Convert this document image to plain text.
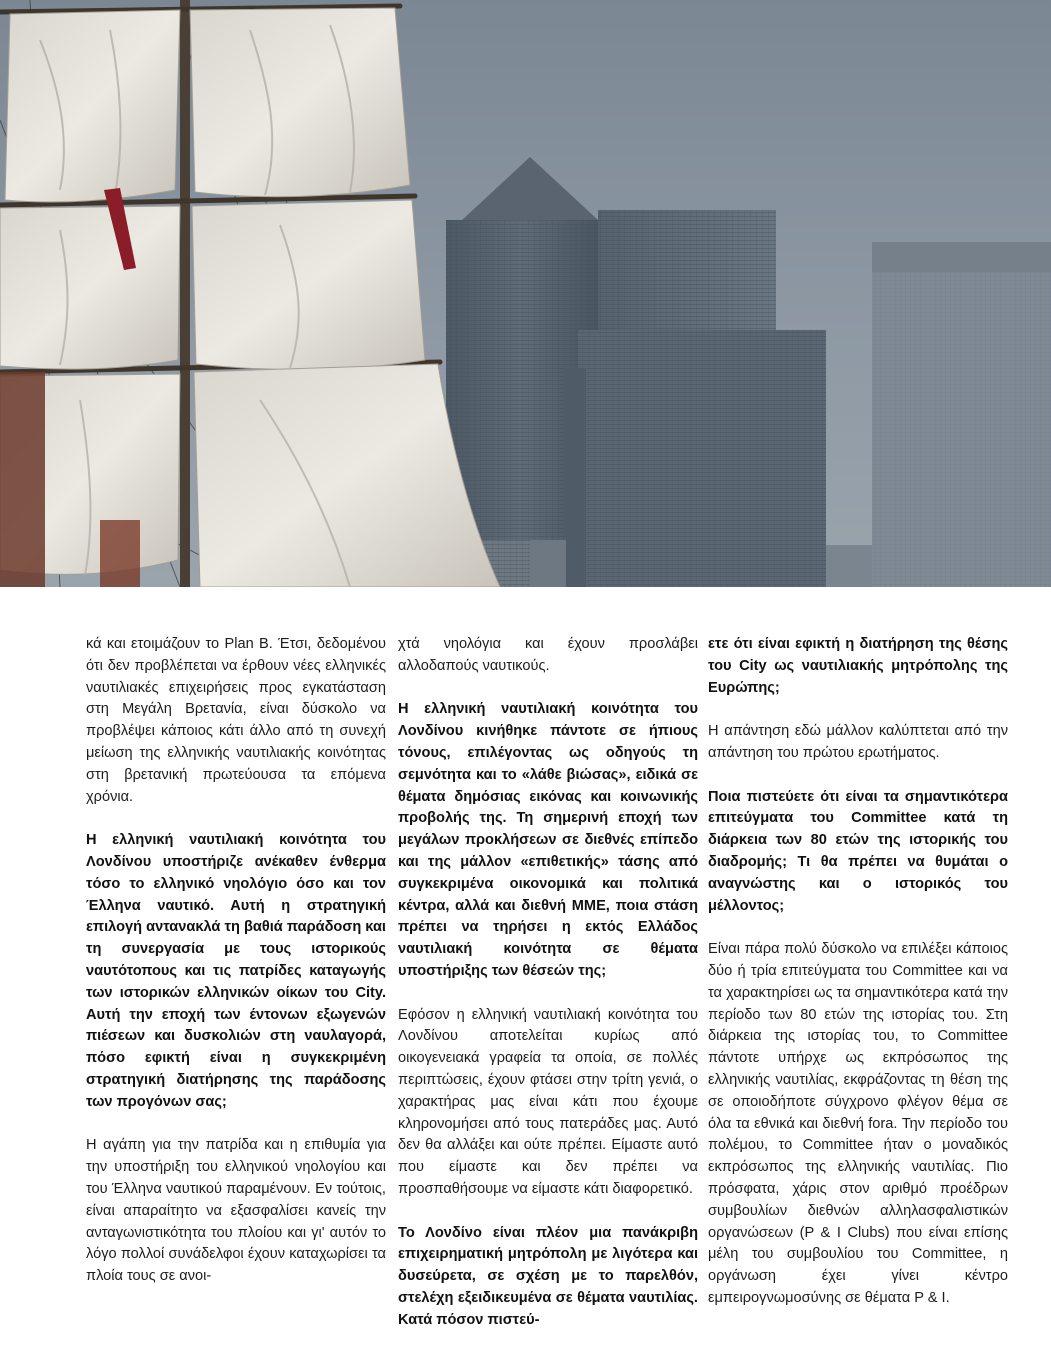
κά και ετοιμάζουν το Plan B. Έτσι, δεδομένου ότι δεν προβλέπεται να έρθουν νέες ελληνικές ναυτιλιακές επιχειρήσεις προς εγκατάσταση στη Μεγάλη Βρετανία, είναι δύσκολο να προβλέψει κάποιος κάτι άλλο από τη συνεχή μείωση της ελληνικής ναυτιλιακής κοινότητας στη βρετανική πρωτεύουσα τα επόμενα χρόνια.

Η ελληνική ναυτιλιακή κοινότητα του Λονδίνου υποστήριζε ανέκαθεν ένθερμα τόσο το ελληνικό νηολόγιο όσο και τον Έλληνα ναυτικό. Αυτή η στρατηγική επιλογή αντανακλά τη βαθιά παράδοση και τη συνεργασία με τους ιστορικούς ναυτότοπους και τις πατρίδες καταγωγής των ιστορικών ελληνικών οίκων του City. Αυτή την εποχή των έντονων εξωγενών πιέσεων και δυσκολιών στη ναυλαγορά, πόσο εφικτή είναι η συγκεκριμένη στρατηγική διατήρησης της παράδοσης των προγόνων σας;

Η αγάπη για την πατρίδα και η επιθυμία για την υποστήριξη του ελληνικού νηολογίου και του Έλληνα ναυτικού παραμένουν. Εν τούτοις, είναι απαραίτητο να εξασφαλίσει κανείς την ανταγωνιστικότητα του πλοίου και γι' αυτόν το λόγο πολλοί συνάδελφοι έχουν καταχωρίσει τα πλοία τους σε ανοι-

χτά νηολόγια και έχουν προσλάβει αλλοδαπούς ναυτικούς.

Η ελληνική ναυτιλιακή κοινότητα του Λονδίνου κινήθηκε πάντοτε σε ήπιους τόνους, επιλέγοντας ως οδηγούς τη σεμνότητα και το «λάθε βιώσας», ειδικά σε θέματα δημόσιας εικόνας και κοινωνικής προβολής της. Τη σημερινή εποχή των μεγάλων προκλήσεων σε διεθνές επίπεδο και της μάλλον «επιθετικής» τάσης από συγκεκριμένα οικονομικά και πολιτικά κέντρα, αλλά και διεθνή ΜΜΕ, ποια στάση πρέπει να τηρήσει η εκτός Ελλάδος ναυτιλιακή κοινότητα σε θέματα υποστήριξης των θέσεών της;

Εφόσον η ελληνική ναυτιλιακή κοινότητα του Λονδίνου αποτελείται κυρίως από οικογενειακά γραφεία τα οποία, σε πολλές περιπτώσεις, έχουν φτάσει στην τρίτη γενιά, ο χαρακτήρας μας είναι κάτι που έχουμε κληρονομήσει από τους πατεράδες μας. Αυτό δεν θα αλλάξει και ούτε πρέπει. Είμαστε αυτό που είμαστε και δεν πρέπει να προσπαθήσουμε να είμαστε κάτι διαφορετικό.

Το Λονδίνο είναι πλέον μια πανάκριβη επιχειρηματική μητρόπολη με λιγότερα και δυσεύρετα, σε σχέση με το παρελθόν, στελέχη εξειδικευμένα σε θέματα ναυτιλίας. Κατά πόσον πιστεύ-

ετε ότι είναι εφικτή η διατήρηση της θέσης του City ως ναυτιλιακής μητρόπολης της Ευρώπης;

Η απάντηση εδώ μάλλον καλύπτεται από την απάντηση του πρώτου ερωτήματος.

Ποια πιστεύετε ότι είναι τα σημαντικότερα επιτεύγματα του Committee κατά τη διάρκεια των 80 ετών της ιστορικής του διαδρομής; Τι θα πρέπει να θυμάται ο αναγνώστης και ο ιστορικός του μέλλοντος;

Είναι πάρα πολύ δύσκολο να επιλέξει κάποιος δύο ή τρία επιτεύγματα του Committee και να τα χαρακτηρίσει ως τα σημαντικότερα κατά την περίοδο των 80 ετών της ιστορίας του. Στη διάρκεια της ιστορίας του, το Committee πάντοτε υπήρχε ως εκπρόσωπος της ελληνικής ναυτιλίας, εκφράζοντας τη θέση της σε οποιοδήποτε σύγχρονο φλέγον θέμα σε όλα τα εθνικά και διεθνή fora. Την περίοδο του πολέμου, το Committee ήταν ο μοναδικός εκπρόσωπος της ελληνικής ναυτιλίας. Πιο πρόσφατα, χάρις στον αριθμό προέδρων συμβουλίων διεθνών αλληλασφαλιστικών οργανώσεων (P & I Clubs) που είναι επίσης μέλη του συμβουλίου του Committee, η οργάνωση έχει γίνει κέντρο εμπειρογνωμοσύνης σε θέματα P & I.
